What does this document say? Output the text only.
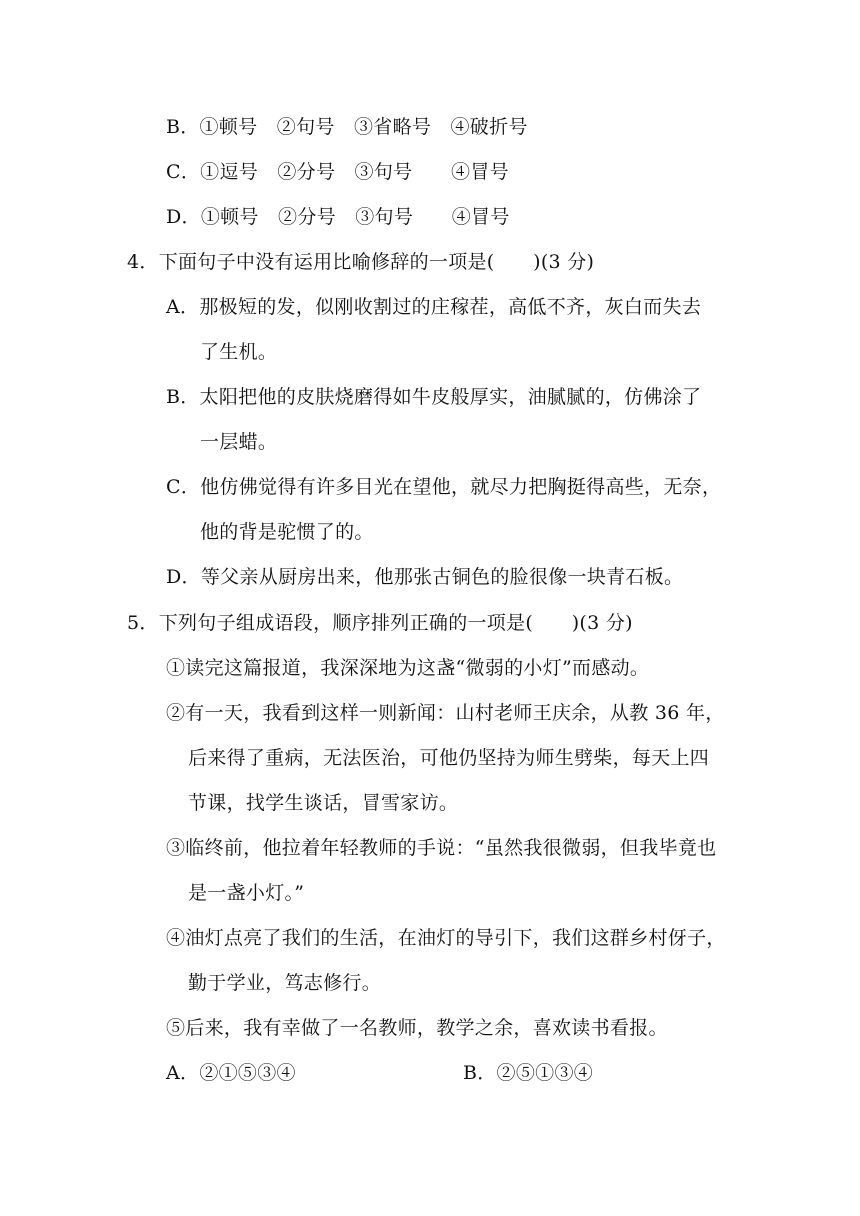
B．①顿号　②句号　③省略号　④破折号
C．①逗号　②分号　③句号　　④冒号
D．①顿号　②分号　③句号　　④冒号
4．下面句子中没有运用比喻修辞的一项是(　　)(3 分)
A．那极短的发，似刚收割过的庄稼茬，高低不齐，灰白而失去
了生机。
B．太阳把他的皮肤烧磨得如牛皮般厚实，油腻腻的，仿佛涂了
一层蜡。
C．他仿佛觉得有许多目光在望他，就尽力把胸挺得高些，无奈，
他的背是驼惯了的。
D．等父亲从厨房出来，他那张古铜色的脸很像一块青石板。
5．下列句子组成语段，顺序排列正确的一项是(　　)(3 分)
①读完这篇报道，我深深地为这盏“微弱的小灯”而感动。
②有一天，我看到这样一则新闻：山村老师王庆余，从教 36 年，
后来得了重病，无法医治，可他仍坚持为师生劈柴，每天上四
节课，找学生谈话，冒雪家访。
③临终前，他拉着年轻教师的手说：“虽然我很微弱，但我毕竟也
是一盏小灯。”
④油灯点亮了我们的生活，在油灯的导引下，我们这群乡村伢子，
勤于学业，笃志修行。
⑤后来，我有幸做了一名教师，教学之余，喜欢读书看报。
A．②①⑤③④	B．②⑤①③④
